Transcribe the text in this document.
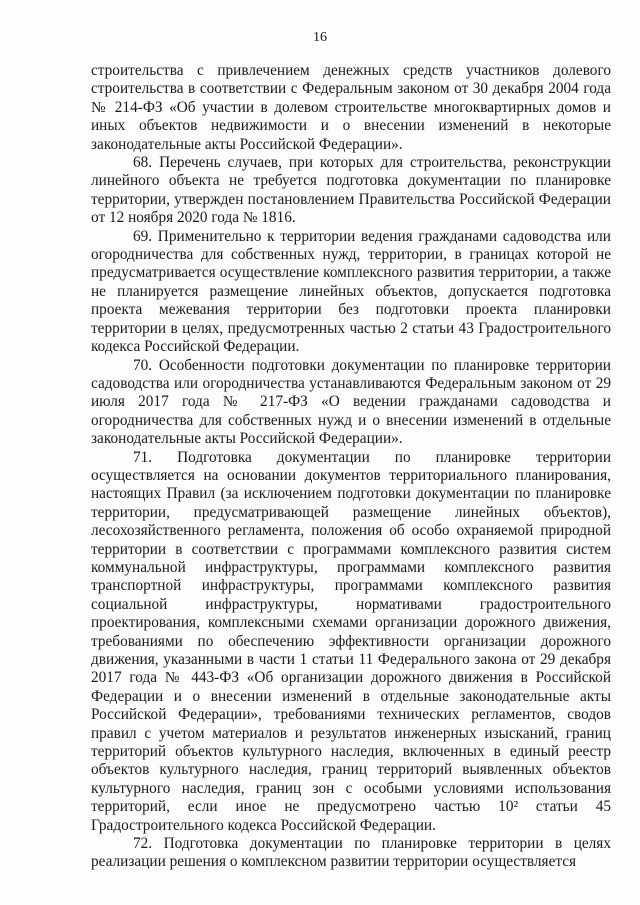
16

строительства с привлечением денежных средств участников долевого строительства в соответствии с Федеральным законом от 30 декабря 2004 года № 214-ФЗ «Об участии в долевом строительстве многоквартирных домов и иных объектов недвижимости и о внесении изменений в некоторые законодательные акты Российской Федерации».

68. Перечень случаев, при которых для строительства, реконструкции линейного объекта не требуется подготовка документации по планировке территории, утвержден постановлением Правительства Российской Федерации от 12 ноября 2020 года № 1816.

69. Применительно к территории ведения гражданами садоводства или огородничества для собственных нужд, территории, в границах которой не предусматривается осуществление комплексного развития территории, а также не планируется размещение линейных объектов, допускается подготовка проекта межевания территории без подготовки проекта планировки территории в целях, предусмотренных частью 2 статьи 43 Градостроительного кодекса Российской Федерации.

70. Особенности подготовки документации по планировке территории садоводства или огородничества устанавливаются Федеральным законом от 29 июля 2017 года № 217-ФЗ «О ведении гражданами садоводства и огородничества для собственных нужд и о внесении изменений в отдельные законодательные акты Российской Федерации».

71. Подготовка документации по планировке территории осуществляется на основании документов территориального планирования, настоящих Правил (за исключением подготовки документации по планировке территории, предусматривающей размещение линейных объектов), лесохозяйственного регламента, положения об особо охраняемой природной территории в соответствии с программами комплексного развития систем коммунальной инфраструктуры, программами комплексного развития транспортной инфраструктуры, программами комплексного развития социальной инфраструктуры, нормативами градостроительного проектирования, комплексными схемами организации дорожного движения, требованиями по обеспечению эффективности организации дорожного движения, указанными в части 1 статьи 11 Федерального закона от 29 декабря 2017 года № 443-ФЗ «Об организации дорожного движения в Российской Федерации и о внесении изменений в отдельные законодательные акты Российской Федерации», требованиями технических регламентов, сводов правил с учетом материалов и результатов инженерных изысканий, границ территорий объектов культурного наследия, включенных в единый реестр объектов культурного наследия, границ территорий выявленных объектов культурного наследия, границ зон с особыми условиями использования территорий, если иное не предусмотрено частью 10² статьи 45 Градостроительного кодекса Российской Федерации.

72. Подготовка документации по планировке территории в целях реализации решения о комплексном развитии территории осуществляется
